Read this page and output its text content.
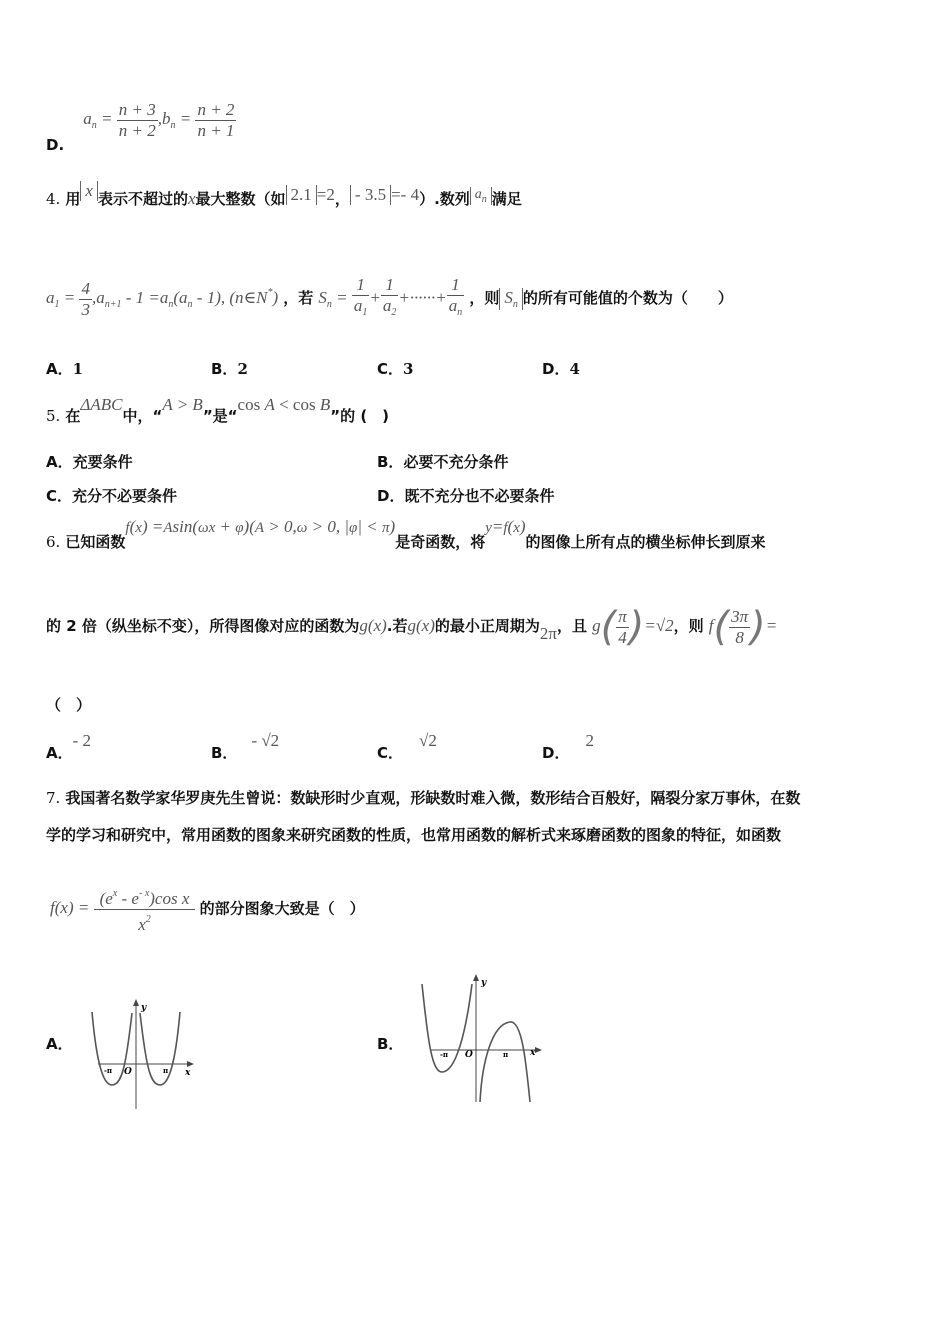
D. $a_n = \frac{n + 3}{n + 2} ,b_n = \frac{n + 2}{n + 1}$
4. 用 x 表示不超过的x最大整数（如 2.1 =2， - 3.5 =- 4）.数列 $a_n$ 满足
$a_1 = \frac{4}{3} ,a_{n+1} - 1 =a_n(a_n - 1)$, (n∈N*) ，若 $S_n = \frac{1}{a_1} + \frac{1}{a_2}$ +······+ $\frac{1}{a_n}$ ，则 $S_n$ 的所有可能值的个数为（　　）
A．1	B．2	C．3	D．4
5. 在ΔABC中，“A > B”是“cos A < cos B”的 (　)
A．充要条件	B．必要不充分条件
C．充分不必要条件	D．既不充分也不必要条件
6. 已知函数f(x) =Asin(ωx + φ)(A > 0,ω > 0, |φ| < π)是奇函数，将y=f(x)的图像上所有点的横坐标伸长到原来
的 2 倍（纵坐标不变），所得图像对应的函数为g(x).若g(x)的最小正周期为2π，且 $g( \frac{\pi}{4} )=√2$，则 $f( \frac{3\pi}{8}$ )=
（　）
A．- 2
B．- √2
C．√2
D．2
7. 我国著名数学家华罗庚先生曾说：数缺形时少直观，形缺数时难入微，数形结合百般好，隔裂分家万事休，在数
学的学习和研究中，常用函数的图象来研究函数的性质，也常用函数的解析式来琢磨函数的图象的特征，如函数
$f(x) = \frac{(e^x - e^{- x})\cos x}{x^2}$ 的部分图象大致是（　）
A．
y
x
O
-π	π
B．
y
x
O
-π	π
